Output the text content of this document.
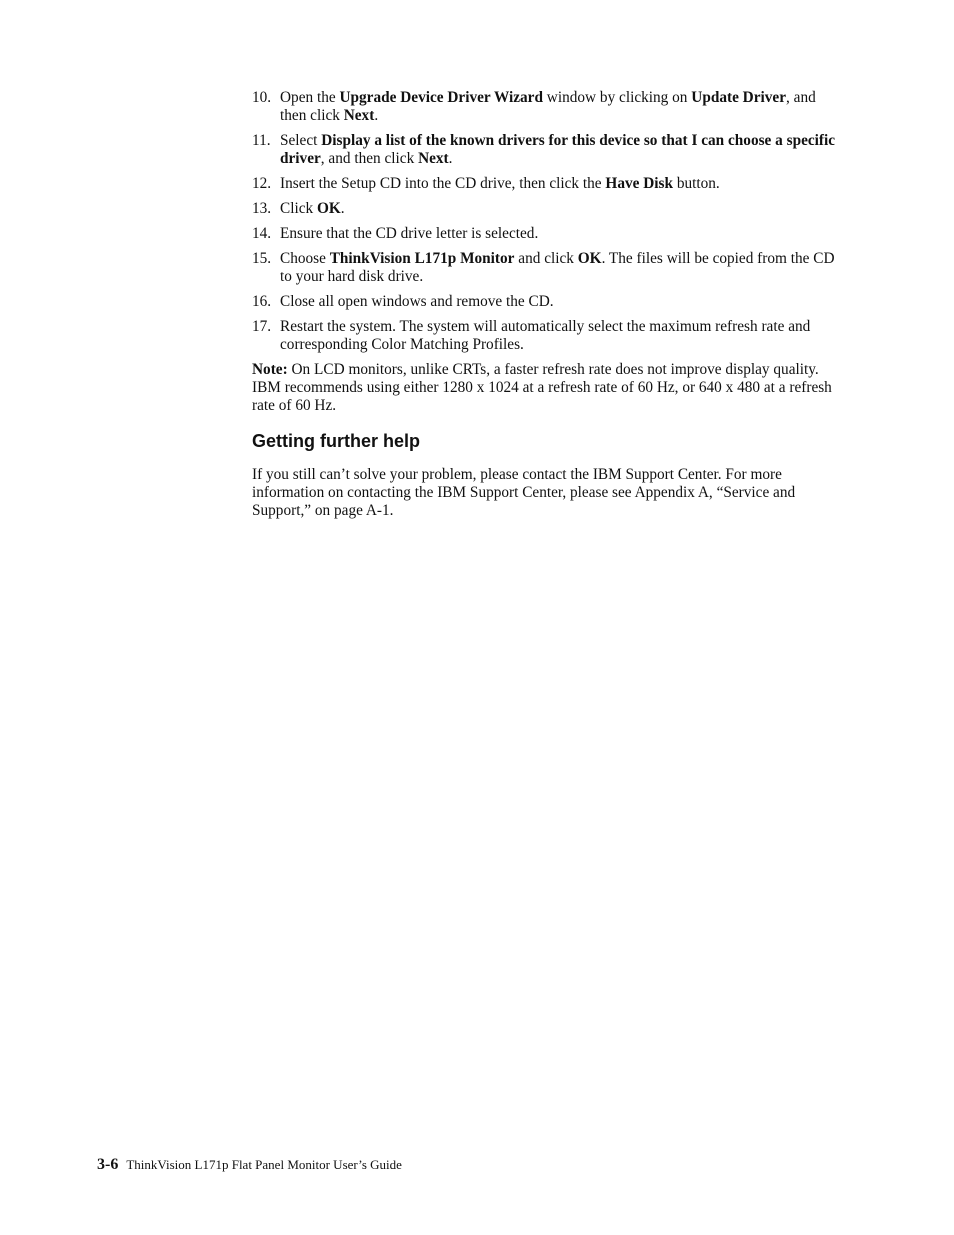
10. Open the Upgrade Device Driver Wizard window by clicking on Update Driver, and then click Next.
11. Select Display a list of the known drivers for this device so that I can choose a specific driver, and then click Next.
12. Insert the Setup CD into the CD drive, then click the Have Disk button.
13. Click OK.
14. Ensure that the CD drive letter is selected.
15. Choose ThinkVision L171p Monitor and click OK. The files will be copied from the CD to your hard disk drive.
16. Close all open windows and remove the CD.
17. Restart the system. The system will automatically select the maximum refresh rate and corresponding Color Matching Profiles.

Note: On LCD monitors, unlike CRTs, a faster refresh rate does not improve display quality. IBM recommends using either 1280 x 1024 at a refresh rate of 60 Hz, or 640 x 480 at a refresh rate of 60 Hz.

Getting further help

If you still can’t solve your problem, please contact the IBM Support Center. For more information on contacting the IBM Support Center, please see Appendix A, “Service and Support,” on page A-1.

3-6 ThinkVision L171p Flat Panel Monitor User’s Guide
